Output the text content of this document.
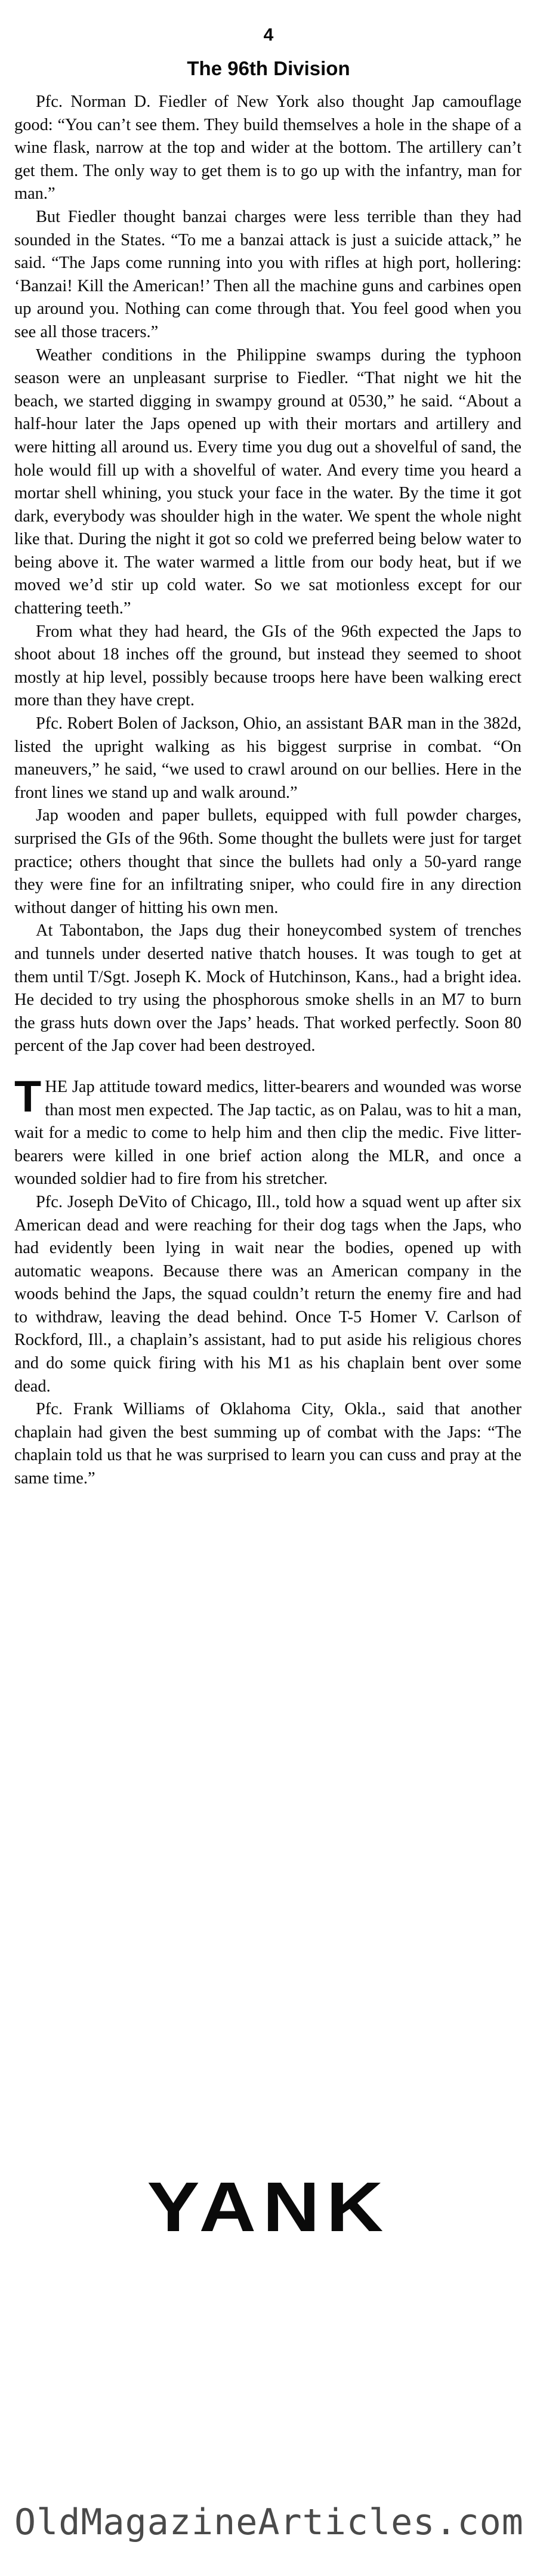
4
The 96th Division

Pfc. Norman D. Fiedler of New York also thought Jap camouflage good: “You can’t see them. They build themselves a hole in the shape of a wine flask, narrow at the top and wider at the bottom. The artillery can’t get them. The only way to get them is to go up with the infantry, man for man.”

But Fiedler thought banzai charges were less terrible than they had sounded in the States. “To me a banzai attack is just a suicide attack,” he said. “The Japs come running into you with rifles at high port, hollering: ‘Banzai! Kill the American!’ Then all the machine guns and carbines open up around you. Nothing can come through that. You feel good when you see all those tracers.”

Weather conditions in the Philippine swamps during the typhoon season were an unpleasant surprise to Fiedler. “That night we hit the beach, we started digging in swampy ground at 0530,” he said. “About a half-hour later the Japs opened up with their mortars and artillery and were hitting all around us. Every time you dug out a shovelful of sand, the hole would fill up with a shovelful of water. And every time you heard a mortar shell whining, you stuck your face in the water. By the time it got dark, everybody was shoulder high in the water. We spent the whole night like that. During the night it got so cold we preferred being below water to being above it. The water warmed a little from our body heat, but if we moved we’d stir up cold water. So we sat motionless except for our chattering teeth.”

From what they had heard, the GIs of the 96th expected the Japs to shoot about 18 inches off the ground, but instead they seemed to shoot mostly at hip level, possibly because troops here have been walking erect more than they have crept.

Pfc. Robert Bolen of Jackson, Ohio, an assistant BAR man in the 382d, listed the upright walking as his biggest surprise in combat. “On maneuvers,” he said, “we used to crawl around on our bellies. Here in the front lines we stand up and walk around.”

Jap wooden and paper bullets, equipped with full powder charges, surprised the GIs of the 96th. Some thought the bullets were just for target practice; others thought that since the bullets had only a 50-yard range they were fine for an infiltrating sniper, who could fire in any direction without danger of hitting his own men.

At Tabontabon, the Japs dug their honeycombed system of trenches and tunnels under deserted native thatch houses. It was tough to get at them until T/Sgt. Joseph K. Mock of Hutchinson, Kans., had a bright idea. He decided to try using the phosphorous smoke shells in an M7 to burn the grass huts down over the Japs’ heads. That worked perfectly. Soon 80 percent of the Jap cover had been destroyed.

THE Jap attitude toward medics, litter-bearers and wounded was worse than most men expected. The Jap tactic, as on Palau, was to hit a man, wait for a medic to come to help him and then clip the medic. Five litter-bearers were killed in one brief action along the MLR, and once a wounded soldier had to fire from his stretcher.

Pfc. Joseph DeVito of Chicago, Ill., told how a squad went up after six American dead and were reaching for their dog tags when the Japs, who had evidently been lying in wait near the bodies, opened up with automatic weapons. Because there was an American company in the woods behind the Japs, the squad couldn’t return the enemy fire and had to withdraw, leaving the dead behind. Once T-5 Homer V. Carlson of Rockford, Ill., a chaplain’s assistant, had to put aside his religious chores and do some quick firing with his M1 as his chaplain bent over some dead.

Pfc. Frank Williams of Oklahoma City, Okla., said that another chaplain had given the best summing up of combat with the Japs: “The chaplain told us that he was surprised to learn you can cuss and pray at the same time.”

YANK
OldMagazineArticles.com
